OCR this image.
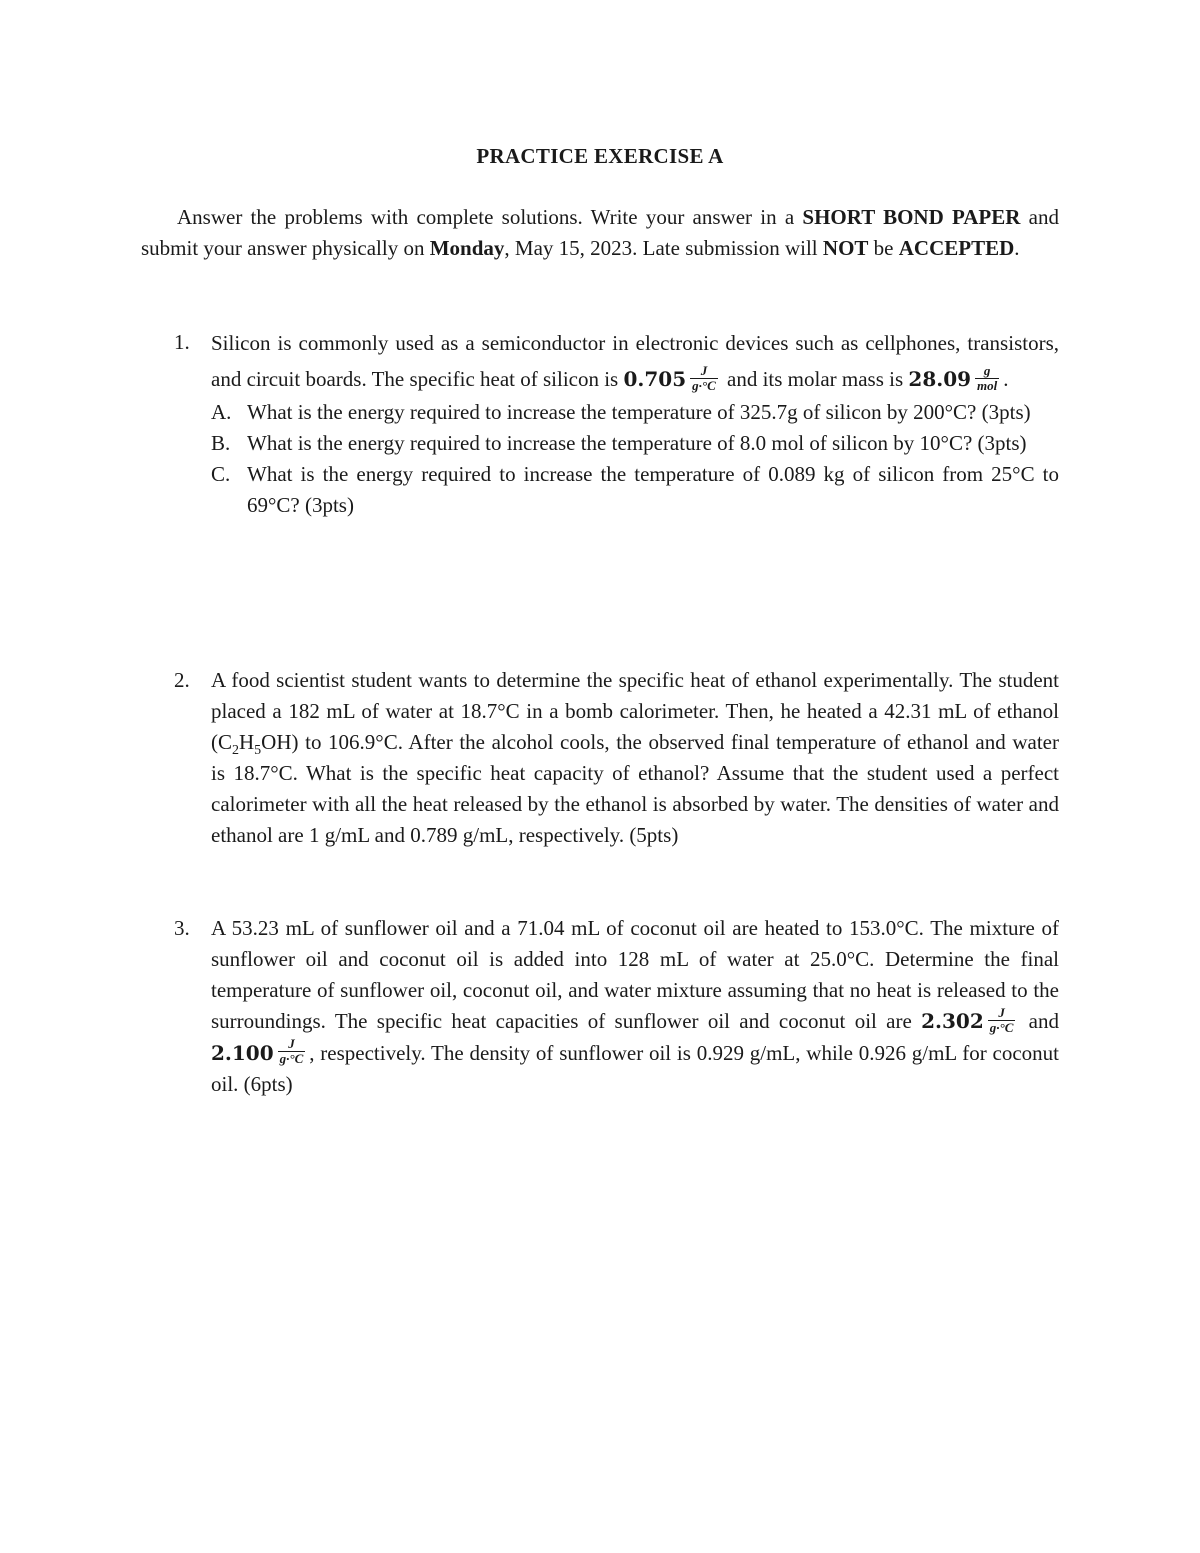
PRACTICE EXERCISE A
Answer the problems with complete solutions. Write your answer in a SHORT BOND PAPER and submit your answer physically on Monday, May 15, 2023. Late submission will NOT be ACCEPTED.
1. Silicon is commonly used as a semiconductor in electronic devices such as cellphones, transistors, and circuit boards. The specific heat of silicon is $0.705 \frac{J}{g\cdot^\circ C}$ and its molar mass is $28.09 \frac{g}{\text{mol}}$ .
A. What is the energy required to increase the temperature of 325.7g of silicon by 200°C? (3pts)
B. What is the energy required to increase the temperature of 8.0 mol of silicon by 10°C? (3pts)
C. What is the energy required to increase the temperature of 0.089 kg of silicon from 25°C to 69°C? (3pts)
2. A food scientist student wants to determine the specific heat of ethanol experimentally. The student placed a 182 mL of water at 18.7°C in a bomb calorimeter. Then, he heated a 42.31 mL of ethanol $(C_2H_5OH)$ to 106.9°C. After the alcohol cools, the observed final temperature of ethanol and water is 18.7°C. What is the specific heat capacity of ethanol? Assume that the student used a perfect calorimeter with all the heat released by the ethanol is absorbed by water. The densities of water and ethanol are 1 g/mL and 0.789 g/mL, respectively. (5pts)
3. A 53.23 mL of sunflower oil and a 71.04 mL of coconut oil are heated to 153.0°C. The mixture of sunflower oil and coconut oil is added into 128 mL of water at 25.0°C. Determine the final temperature of sunflower oil, coconut oil, and water mixture assuming that no heat is released to the surroundings. The specific heat capacities of sunflower oil and coconut oil are $2.302 \frac{J}{g\cdot^\circ C}$ and $2.100 \frac{J}{g\cdot^\circ C}$ , respectively. The density of sunflower oil is 0.929 g/mL, while 0.926 g/mL for coconut oil. (6pts)
